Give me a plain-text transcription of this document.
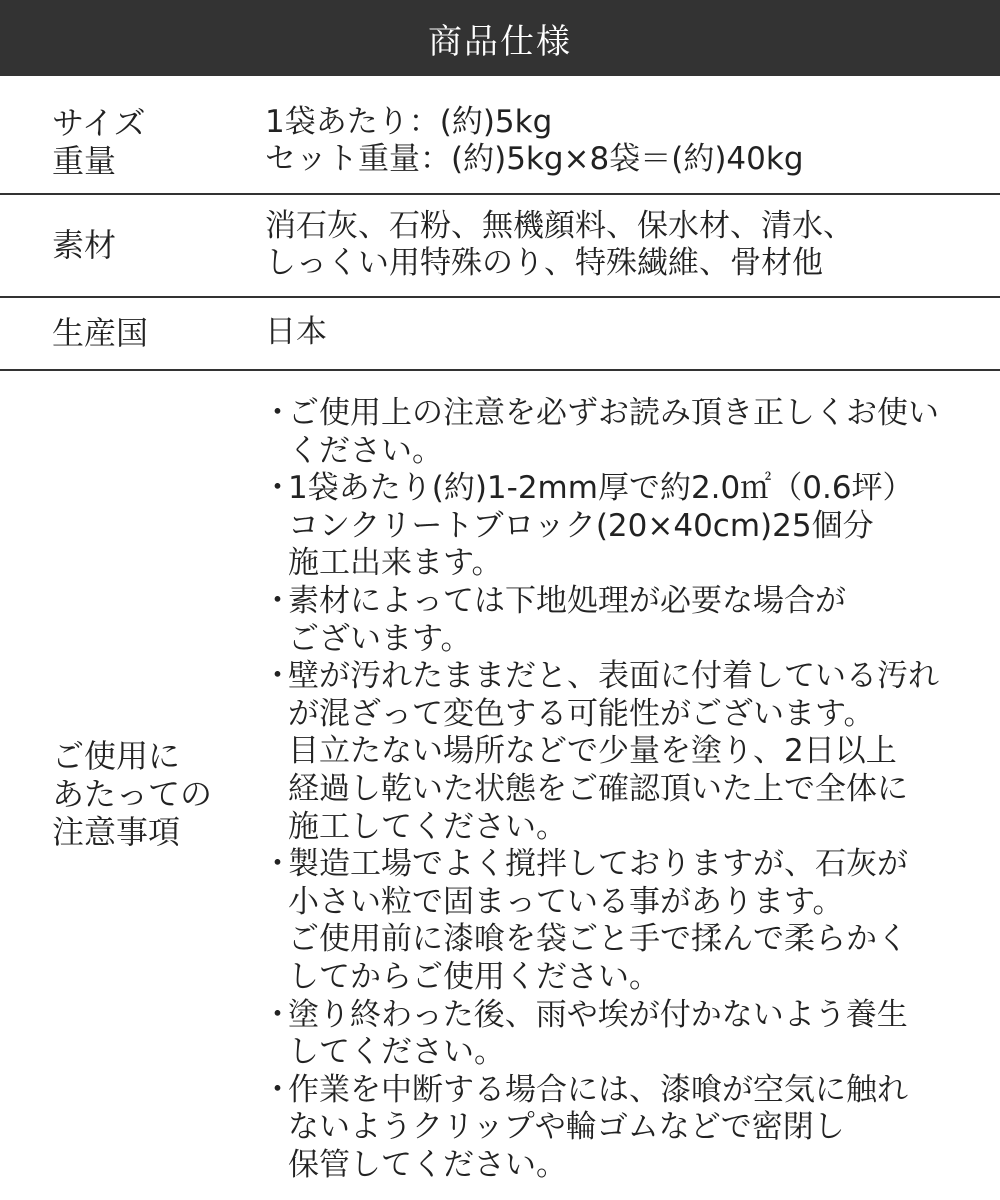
商品仕様
サイズ
重量
1袋あたり：(約)5kg
セット重量：(約)5kg×8袋＝(約)40kg
素材	消石灰、石粉、無機顔料、保水材、清水、
しっくい用特殊のり、特殊繊維、骨材他
生産国	日本
ご使用に
あたっての
注意事項
・
ご使用上の注意を必ずお読み頂き正しくお使い
ください。
・
1袋あたり(約)1-2mm厚で約2.0㎡（0.6坪）
コンクリートブロック(20×40cm)25個分
施工出来ます。
・
素材によっては下地処理が必要な場合が
ございます。
・
壁が汚れたままだと、表面に付着している汚れ
が混ざって変色する可能性がございます。
目立たない場所などで少量を塗り、2日以上
経過し乾いた状態をご確認頂いた上で全体に
施工してください。
・
製造工場でよく撹拌しておりますが、石灰が
小さい粒で固まっている事があります。
ご使用前に漆喰を袋ごと手で揉んで柔らかく
してからご使用ください。
・
塗り終わった後、雨や埃が付かないよう養生
してください。
・
作業を中断する場合には、漆喰が空気に触れ
ないようクリップや輪ゴムなどで密閉し
保管してください。
